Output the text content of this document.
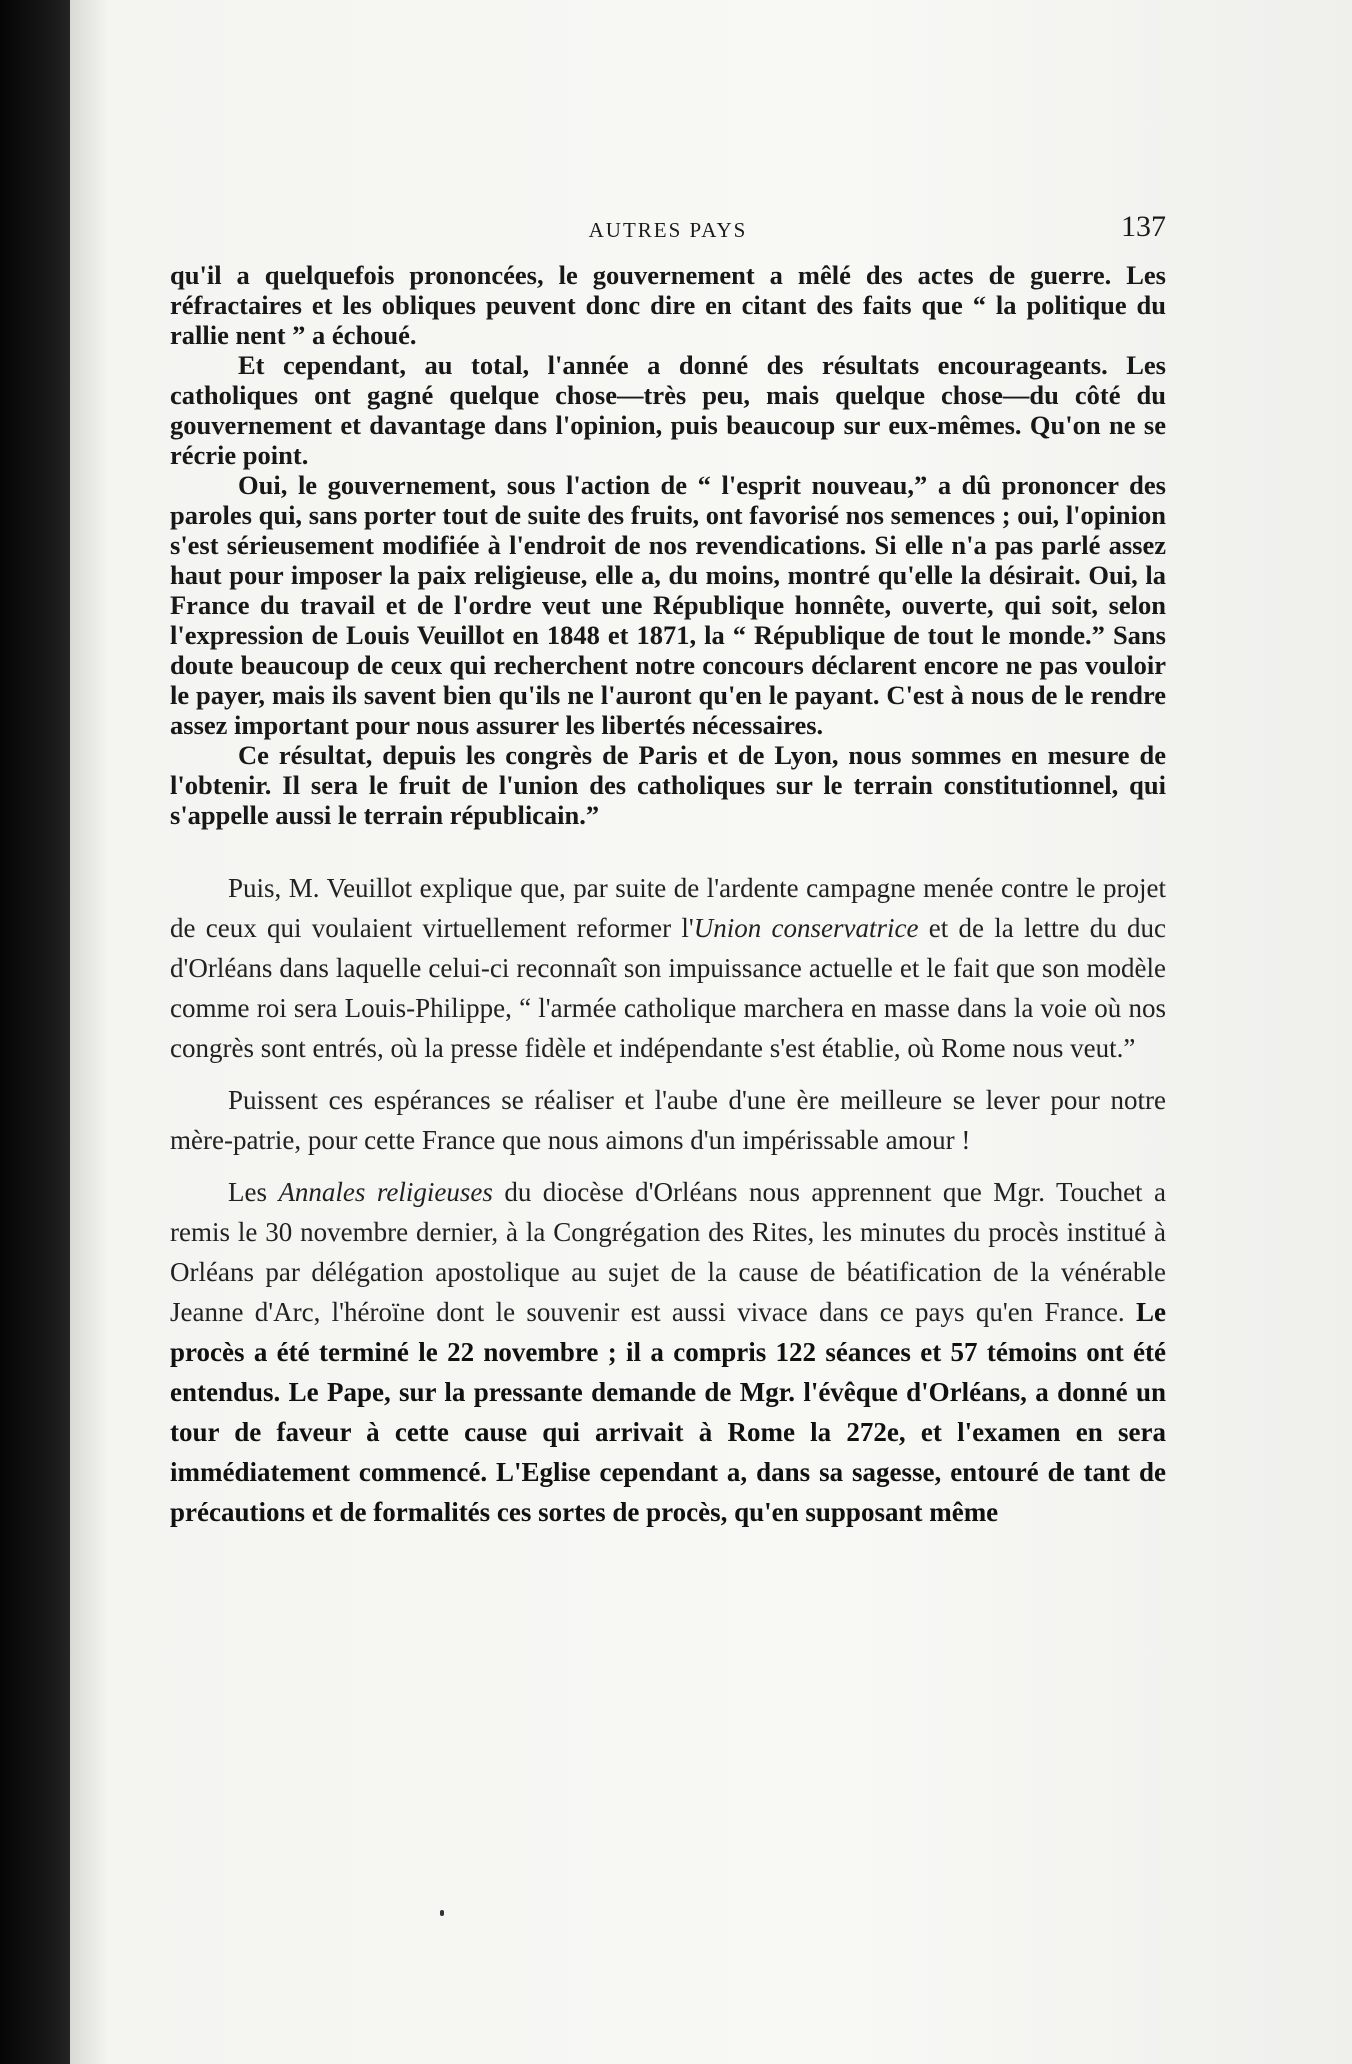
AUTRES PAYS	137

qu'il a quelquefois prononcées, le gouvernement a mêlé des actes de guerre. Les réfractaires et les obliques peuvent donc dire en citant des faits que “ la politique du rallie nent ” a échoué.

Et cependant, au total, l'année a donné des résultats encourageants. Les catholiques ont gagné quelque chose—très peu, mais quelque chose—du côté du gouvernement et davantage dans l'opinion, puis beaucoup sur eux-mêmes. Qu'on ne se récrie point.

Oui, le gouvernement, sous l'action de “ l'esprit nouveau,” a dû prononcer des paroles qui, sans porter tout de suite des fruits, ont favorisé nos semences ; oui, l'opinion s'est sérieusement modifiée à l'endroit de nos revendications. Si elle n'a pas parlé assez haut pour imposer la paix religieuse, elle a, du moins, montré qu'elle la désirait. Oui, la France du travail et de l'ordre veut une République honnête, ouverte, qui soit, selon l'expression de Louis Veuillot en 1848 et 1871, la “ République de tout le monde.” Sans doute beaucoup de ceux qui recherchent notre concours déclarent encore ne pas vouloir le payer, mais ils savent bien qu'ils ne l'auront qu'en le payant. C'est à nous de le rendre assez important pour nous assurer les libertés nécessaires.

Ce résultat, depuis les congrès de Paris et de Lyon, nous sommes en mesure de l'obtenir. Il sera le fruit de l'union des catholiques sur le terrain constitutionnel, qui s'appelle aussi le terrain républicain.”

Puis, M. Veuillot explique que, par suite de l'ardente campagne menée contre le projet de ceux qui voulaient virtuellement reformer l'Union conservatrice et de la lettre du duc d'Orléans dans laquelle celui-ci reconnaît son impuissance actuelle et le fait que son modèle comme roi sera Louis-Philippe, “ l'armée catholique marchera en masse dans la voie où nos congrès sont entrés, où la presse fidèle et indépendante s'est établie, où Rome nous veut.”

Puissent ces espérances se réaliser et l'aube d'une ère meilleure se lever pour notre mère-patrie, pour cette France que nous aimons d'un impérissable amour !

Les Annales religieuses du diocèse d'Orléans nous apprennent que Mgr. Touchet a remis le 30 novembre dernier, à la Congrégation des Rites, les minutes du procès institué à Orléans par délégation apostolique au sujet de la cause de béatification de la vénérable Jeanne d'Arc, l'héroïne dont le souvenir est aussi vivace dans ce pays qu'en France. Le procès a été terminé le 22 novembre ; il a compris 122 séances et 57 témoins ont été entendus. Le Pape, sur la pressante demande de Mgr. l'évêque d'Orléans, a donné un tour de faveur à cette cause qui arrivait à Rome la 272e, et l'examen en sera immédiatement commencé. L'Eglise cependant a, dans sa sagesse, entouré de tant de précautions et de formalités ces sortes de procès, qu'en supposant même
